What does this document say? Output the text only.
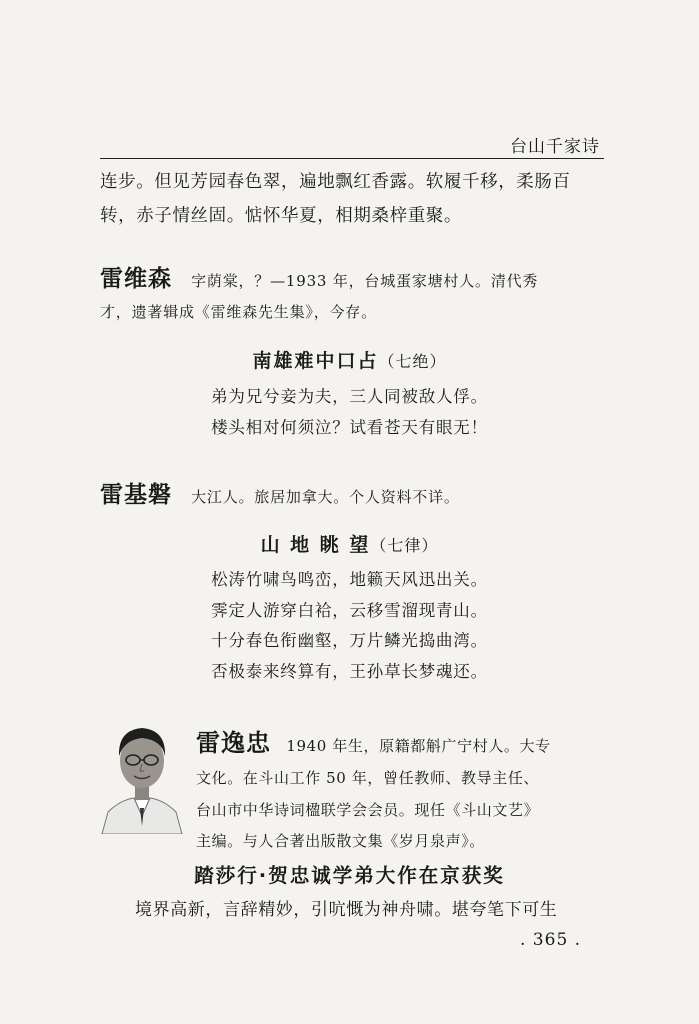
台山千家诗
连步。但见芳园春色翠，遍地飘红香露。软履千移，柔肠百
转，赤子情丝固。惦怀华夏，相期桑梓重聚。
雷维森 字荫棠，？—1933 年，台城蛋家塘村人。清代秀
才，遗著辑成《雷维森先生集》，今存。
南雄难中口占（七绝）
弟为兄兮妾为夫，三人同被敌人俘。
楼头相对何须泣？试看苍天有眼无！
雷基磐 大江人。旅居加拿大。个人资料不详。
山 地 眺 望（七律）
松涛竹啸鸟鸣峦，地籁天风迅出关。
霁定人游穿白袷，云移雪溜现青山。
十分春色衔幽壑，万片鳞光捣曲湾。
否极泰来终算有，王孙草长梦魂还。
雷逸忠 1940 年生，原籍都斛广宁村人。大专
文化。在斗山工作 50 年，曾任教师、教导主任、
台山市中华诗词楹联学会会员。现任《斗山文艺》
主编。与人合著出版散文集《岁月泉声》。
踏莎行·贺忠诚学弟大作在京获奖
境界高新，言辞精妙，引吭慨为神舟啸。堪夸笔下可生
. 365 .
